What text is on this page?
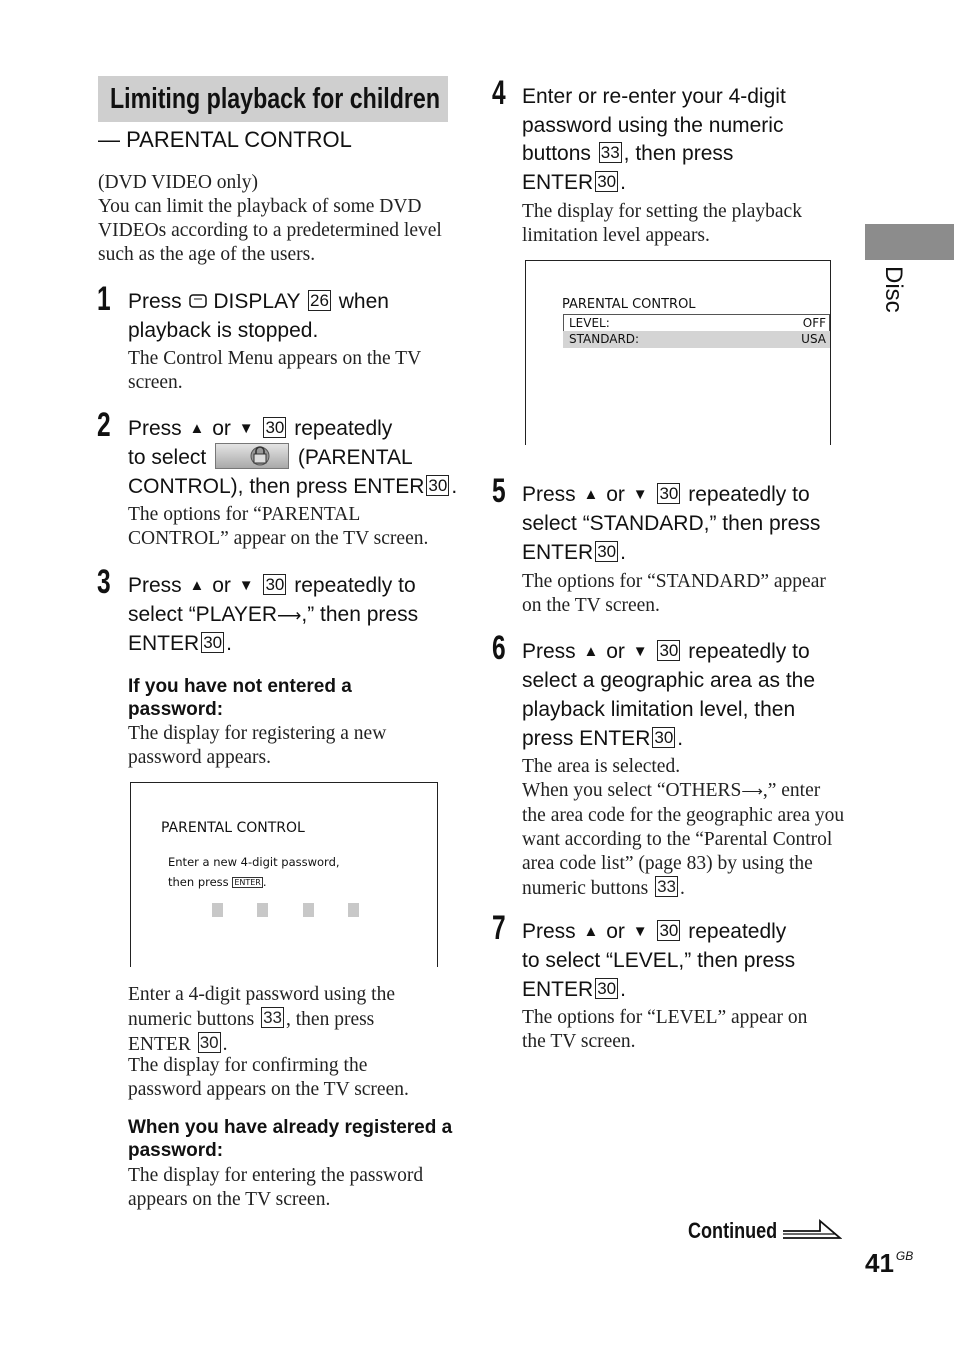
Limiting playback for children
— PARENTAL CONTROL
(DVD VIDEO only)
You can limit the playback of some DVD VIDEOs according to a predetermined level such as the age of the users.
1 Press DISPLAY 26 when playback is stopped.
The Control Menu appears on the TV screen.
2 Press ▲ or ▼ 30 repeatedly
to select	(PARENTAL
CONTROL), then press ENTER 30 .
The options for “PARENTAL CONTROL” appear on the TV screen.
3 Press ▲ or ▼ 30 repeatedly to
select “PLAYER⟶,” then press
ENTER 30 .
If you have not entered a password:
The display for registering a new password appears.
PARENTAL CONTROL
Enter a new 4-digit password,
then press ENTER .
Enter a 4-digit password using the numeric buttons 33 , then press ENTER 30 .
The display for confirming the password appears on the TV screen.
When you have already registered a password:
The display for entering the password appears on the TV screen.
4 Enter or re-enter your 4-digit
password using the numeric
buttons 33 , then press
ENTER 30 .
The display for setting the playback limitation level appears.
PARENTAL CONTROL
LEVEL:	OFF
STANDARD:	USA
5 Press ▲ or ▼ 30 repeatedly to
select “STANDARD,” then press
ENTER 30 .
The options for “STANDARD” appear on the TV screen.
6 Press ▲ or ▼ 30 repeatedly to
select a geographic area as the
playback limitation level, then
press ENTER 30 .
The area is selected.
When you select “OTHERS⟶,” enter the area code for the geographic area you want according to the “Parental Control area code list” (page 83) by using the numeric buttons 33 .
7 Press ▲ or ▼ 30 repeatedly
to select “LEVEL,” then press
ENTER 30 .
The options for “LEVEL” appear on the TV screen.
Disc
Continued
41 $^{GB}$
